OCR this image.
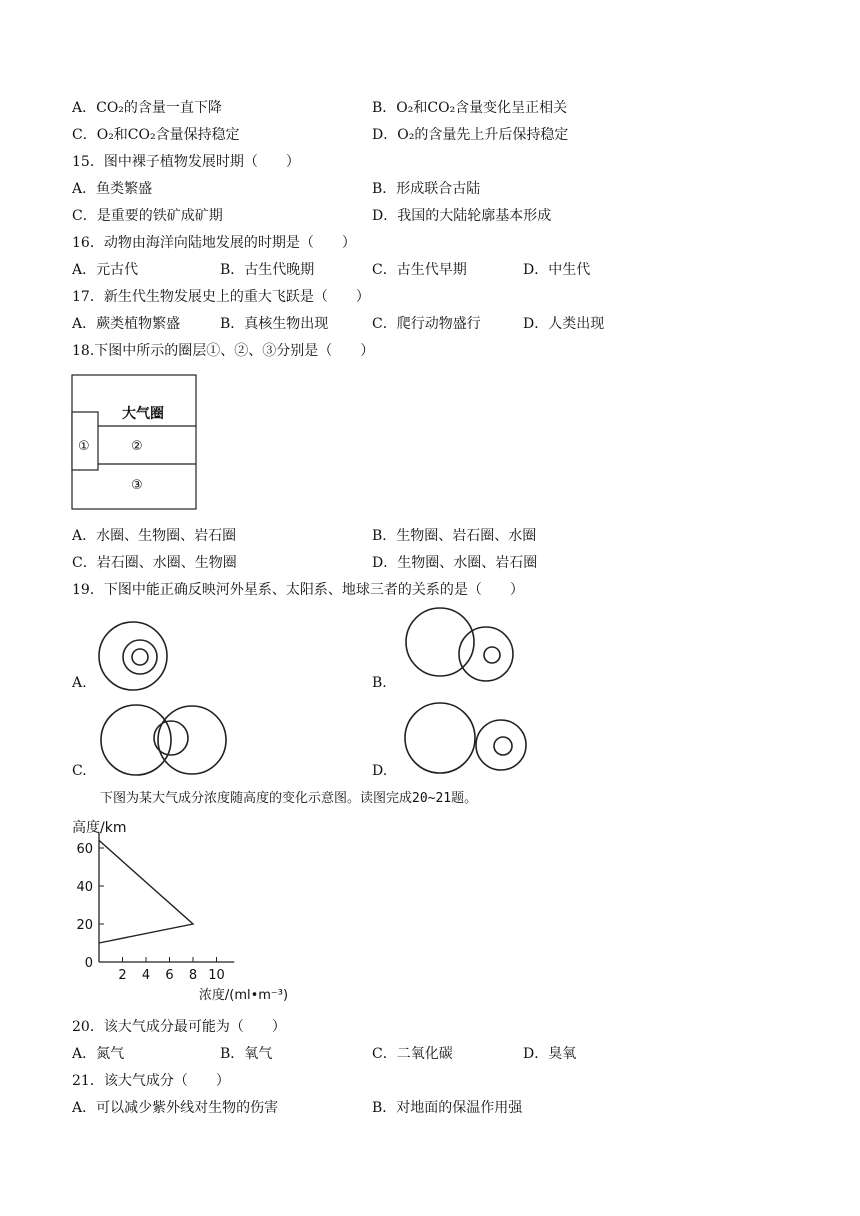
A．CO₂的含量一直下降	B．O₂和CO₂含量变化呈正相关
C．O₂和CO₂含量保持稳定	D．O₂的含量先上升后保持稳定
15．图中裸子植物发展时期（　　）
A．鱼类繁盛	B．形成联合古陆
C．是重要的铁矿成矿期	D．我国的大陆轮廓基本形成
16．动物由海洋向陆地发展的时期是（　　）
A．元古代	B．古生代晚期	C．古生代早期	D．中生代
17．新生代生物发展史上的重大飞跃是（　　）
A．蕨类植物繁盛	B．真核生物出现	C．爬行动物盛行	D．人类出现
18.下图中所示的圈层①、②、③分别是（　　）
大气圈
①	②
③
A．水圈、生物圈、岩石圈	B．生物圈、岩石圈、水圈
C．岩石圈、水圈、生物圈	D．生物圈、水圈、岩石圈
19．下图中能正确反映河外星系、太阳系、地球三者的关系的是（　　）
A.	B.
C.	D.
下图为某大气成分浓度随高度的变化示意图。读图完成20~21题。
高度/km
浓度/(ml•m⁻³)
2 4 6 8 10
0
20
40
60
20．该大气成分最可能为（　　）
A．氮气	B．氧气	C．二氧化碳	D．臭氧
21．该大气成分（　　）
A．可以减少紫外线对生物的伤害	B．对地面的保温作用强
